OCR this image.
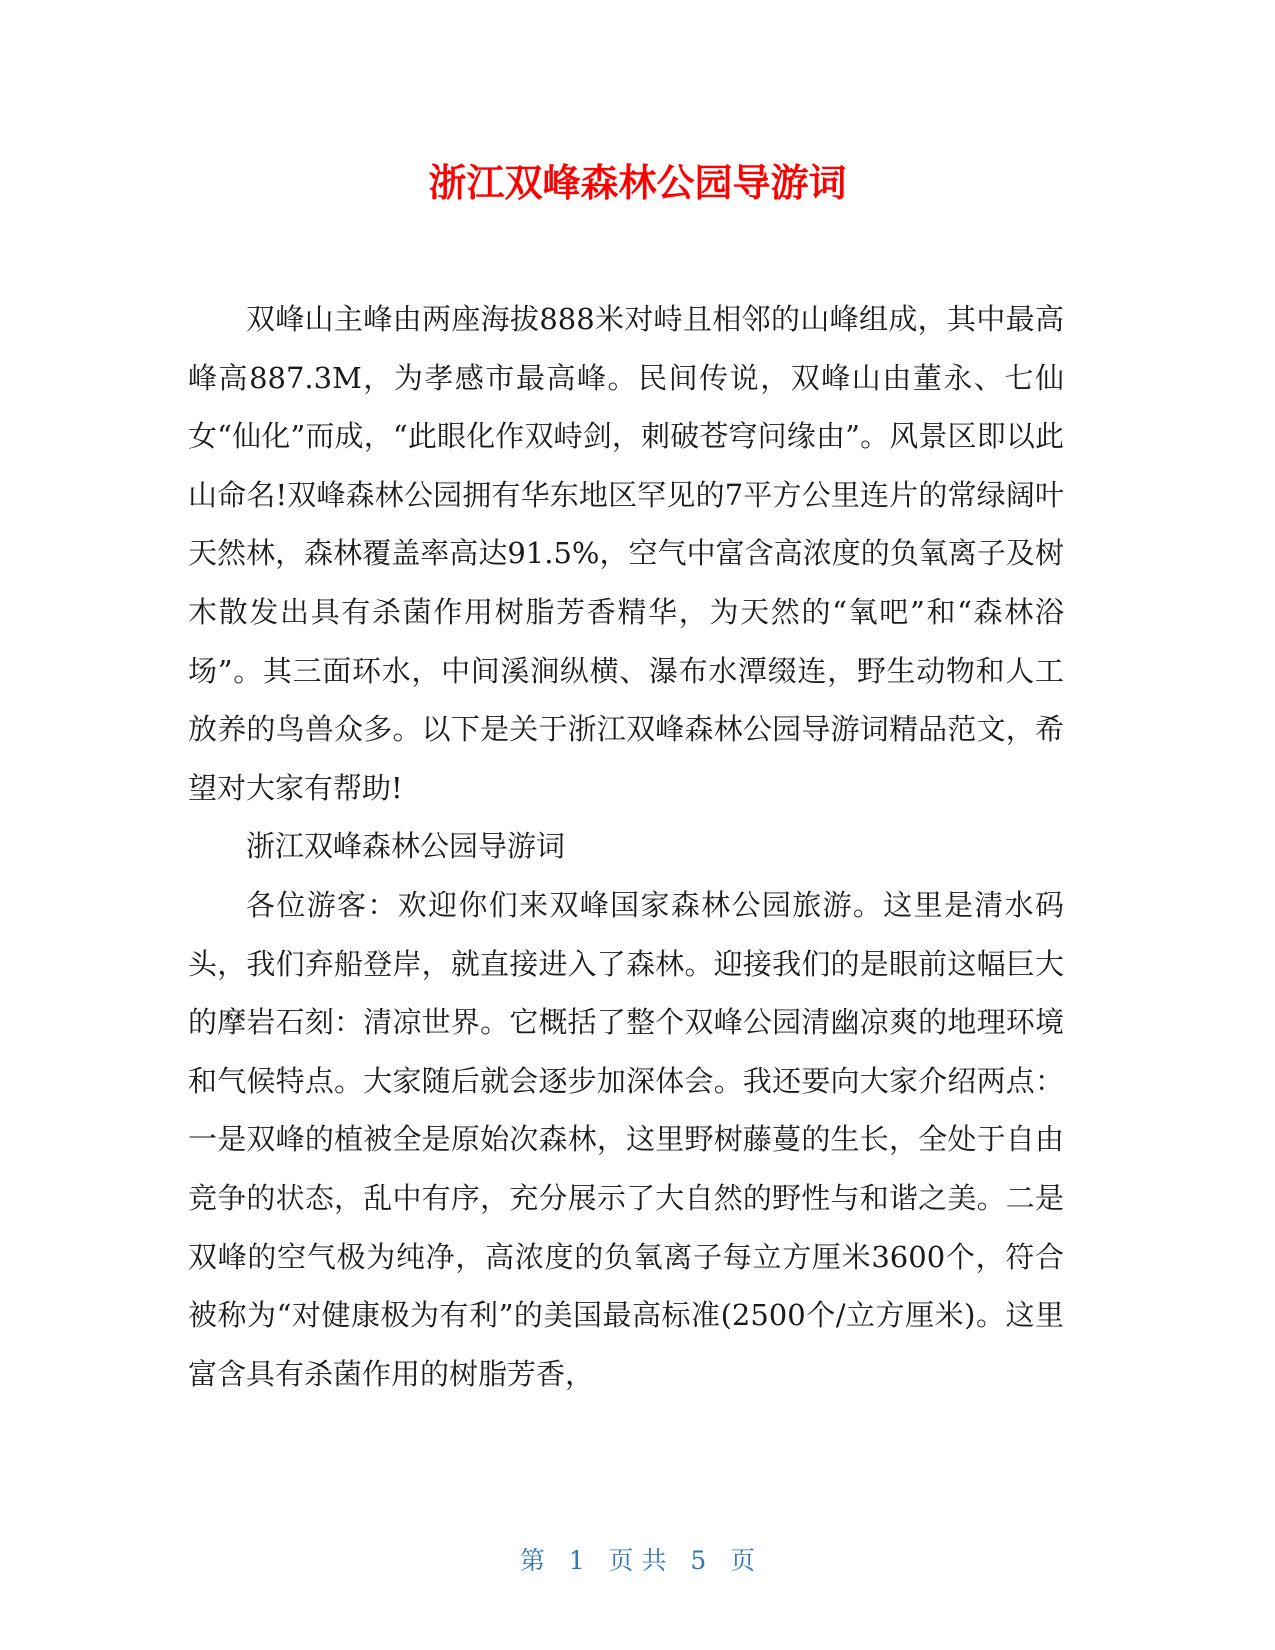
浙江双峰森林公园导游词

双峰山主峰由两座海拔888米对峙且相邻的山峰组成，其中最高峰高887.3M，为孝感市最高峰。民间传说，双峰山由董永、七仙女“仙化”而成，“此眼化作双峙剑，刺破苍穹问缘由”。风景区即以此山命名!双峰森林公园拥有华东地区罕见的7平方公里连片的常绿阔叶天然林，森林覆盖率高达91.5%，空气中富含高浓度的负氧离子及树木散发出具有杀菌作用树脂芳香精华，为天然的“氧吧”和“森林浴场”。其三面环水，中间溪涧纵横、瀑布水潭缀连，野生动物和人工放养的鸟兽众多。以下是关于浙江双峰森林公园导游词精品范文，希望对大家有帮助!

浙江双峰森林公园导游词

各位游客：欢迎你们来双峰国家森林公园旅游。这里是清水码头，我们弃船登岸，就直接进入了森林。迎接我们的是眼前这幅巨大的摩岩石刻：清凉世界。它概括了整个双峰公园清幽凉爽的地理环境和气候特点。大家随后就会逐步加深体会。我还要向大家介绍两点：一是双峰的植被全是原始次森林，这里野树藤蔓的生长，全处于自由竞争的状态，乱中有序，充分展示了大自然的野性与和谐之美。二是双峰的空气极为纯净，高浓度的负氧离子每立方厘米3600个，符合被称为“对健康极为有利”的美国最高标准(2500个/立方厘米)。这里富含具有杀菌作用的树脂芳香，

第 1 页 共 5 页
